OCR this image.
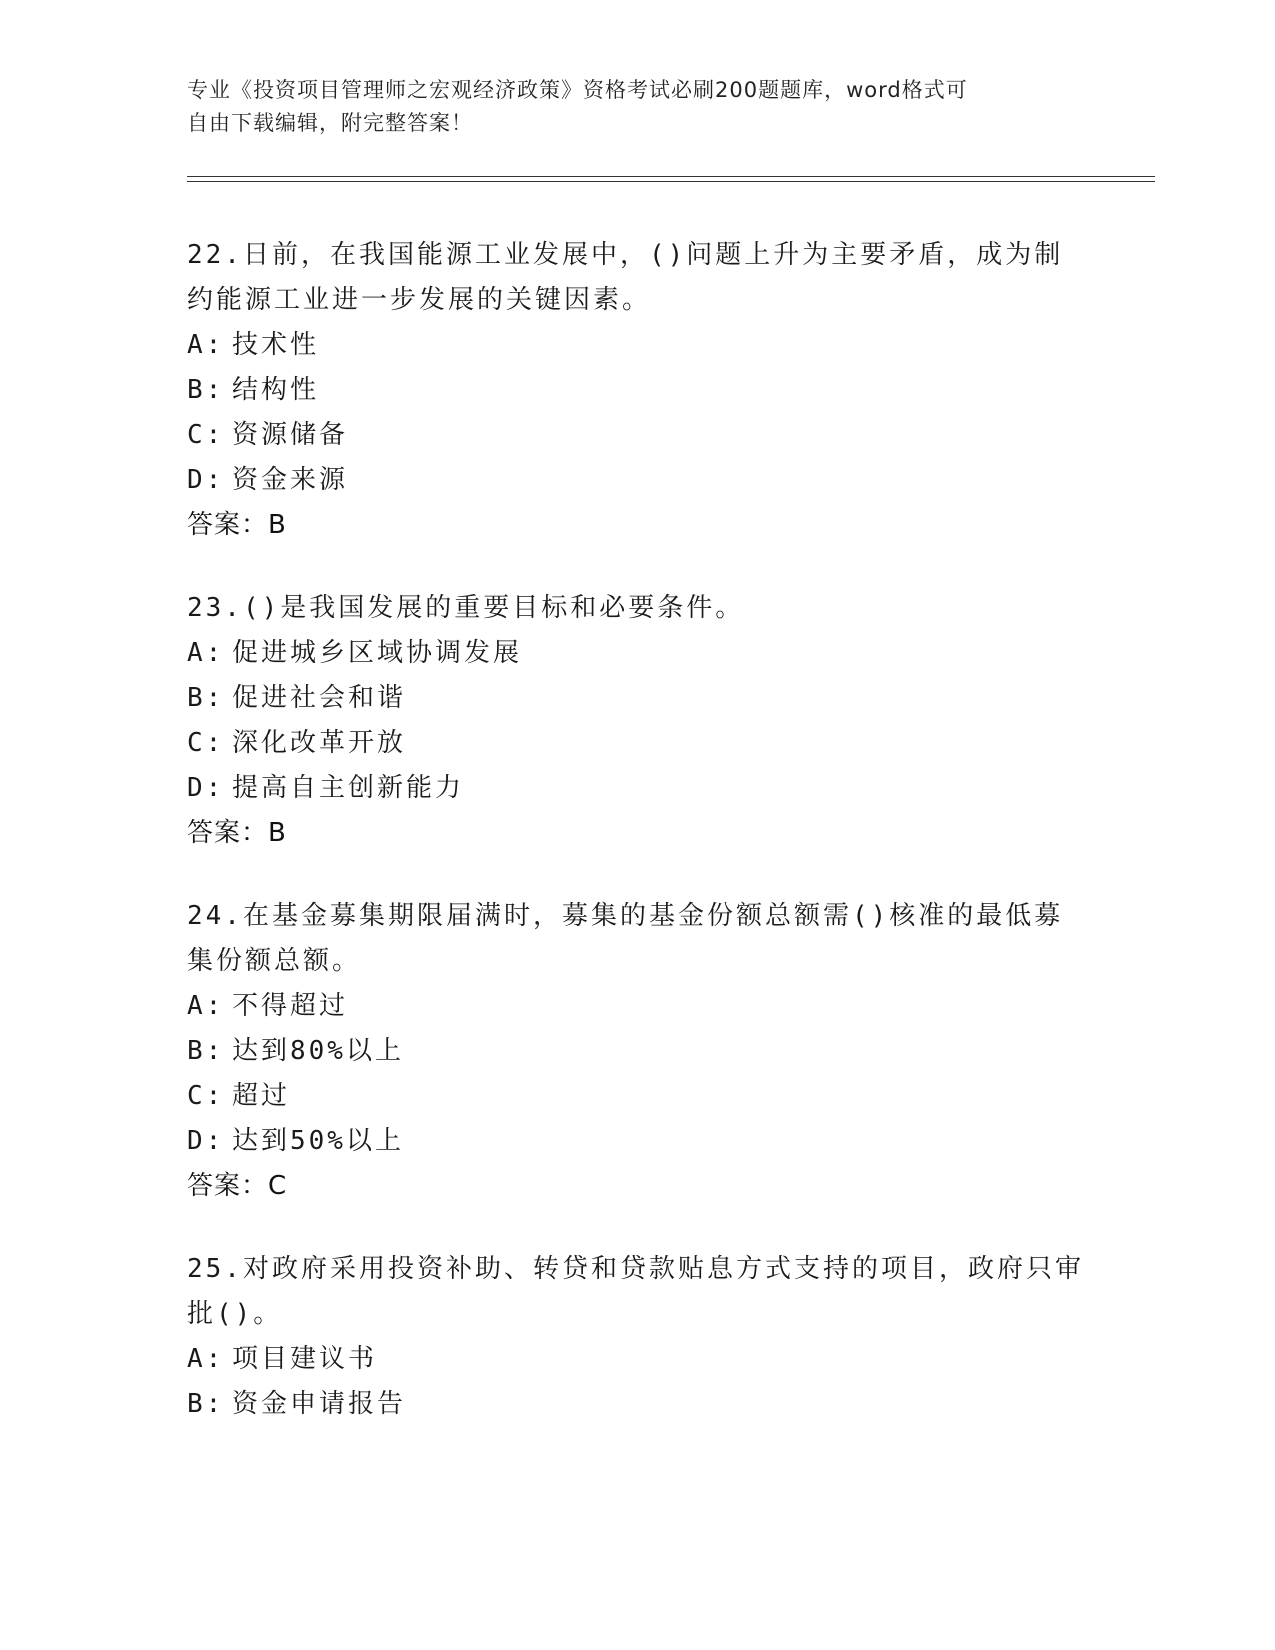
专业《投资项目管理师之宏观经济政策》资格考试必刷200题题库，word格式可
自由下载编辑，附完整答案！
22.日前，在我国能源工业发展中，()问题上升为主要矛盾，成为制约能源工业进一步发展的关键因素。
A: 技术性
B: 结构性
C: 资源储备
D: 资金来源
答案：B
23.()是我国发展的重要目标和必要条件。
A: 促进城乡区域协调发展
B: 促进社会和谐
C: 深化改革开放
D: 提高自主创新能力
答案：B
24.在基金募集期限届满时，募集的基金份额总额需()核准的最低募集份额总额。
A: 不得超过
B: 达到80%以上
C: 超过
D: 达到50%以上
答案：C
25.对政府采用投资补助、转贷和贷款贴息方式支持的项目，政府只审批()。
A: 项目建议书
B: 资金申请报告
